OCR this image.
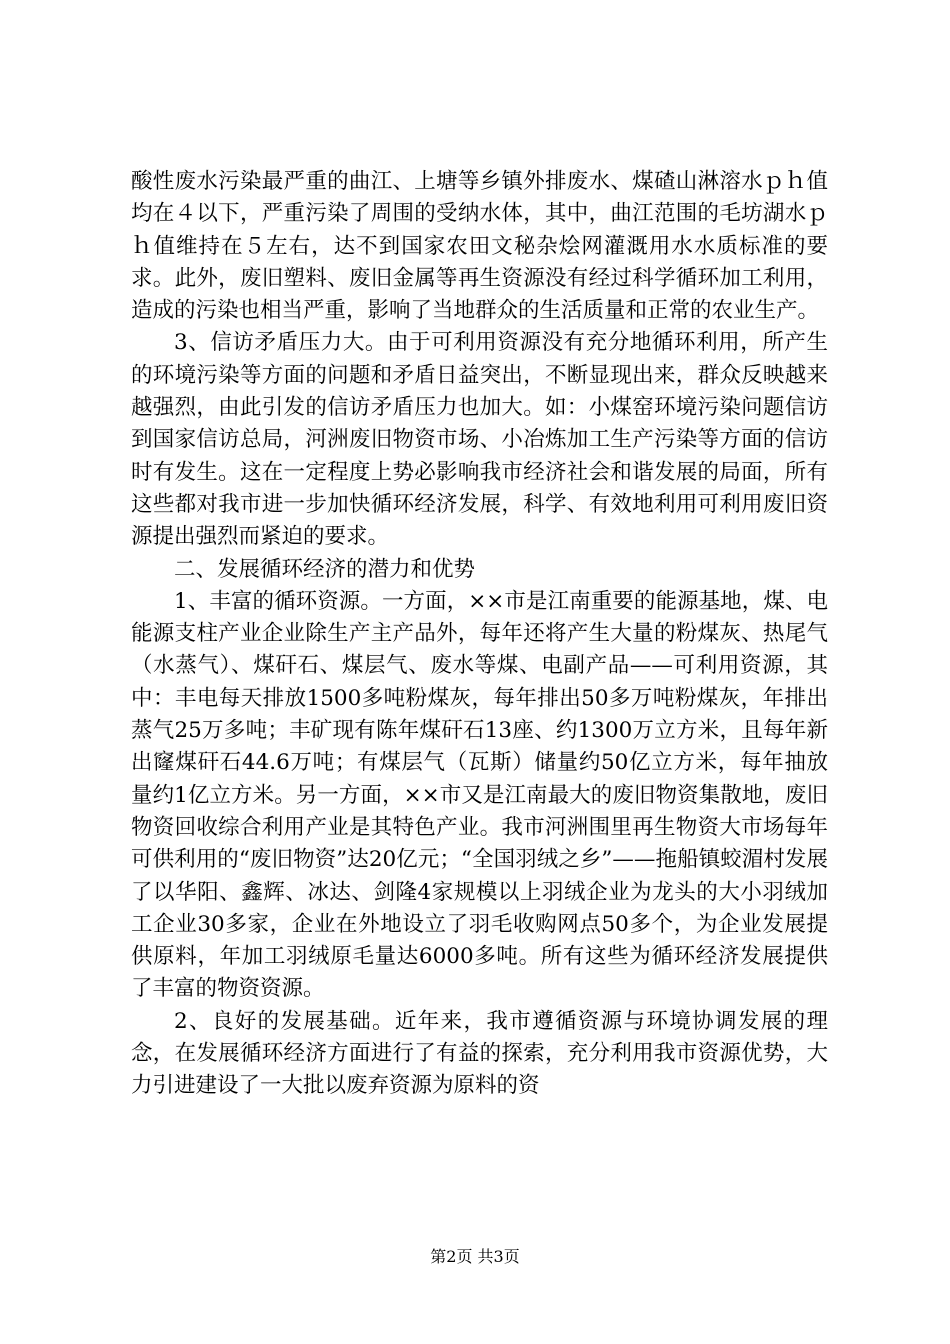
酸性废水污染最严重的曲江、上塘等乡镇外排废水、煤碴山淋溶水ｐｈ值均在４以下，严重污染了周围的受纳水体，其中，曲江范围的毛坊湖水ｐｈ值维持在５左右，达不到国家农田文秘杂烩网灌溉用水水质标准的要求。此外，废旧塑料、废旧金属等再生资源没有经过科学循环加工利用，造成的污染也相当严重，影响了当地群众的生活质量和正常的农业生产。

3、信访矛盾压力大。由于可利用资源没有充分地循环利用，所产生的环境污染等方面的问题和矛盾日益突出，不断显现出来，群众反映越来越强烈，由此引发的信访矛盾压力也加大。如：小煤窑环境污染问题信访到国家信访总局，河洲废旧物资市场、小冶炼加工生产污染等方面的信访时有发生。这在一定程度上势必影响我市经济社会和谐发展的局面，所有这些都对我市进一步加快循环经济发展，科学、有效地利用可利用废旧资源提出强烈而紧迫的要求。

二、发展循环经济的潜力和优势

1、丰富的循环资源。一方面，××市是江南重要的能源基地，煤、电能源支柱产业企业除生产主产品外，每年还将产生大量的粉煤灰、热尾气（水蒸气）、煤矸石、煤层气、废水等煤、电副产品——可利用资源，其中：丰电每天排放1500多吨粉煤灰，每年排出50多万吨粉煤灰，年排出蒸气25万多吨；丰矿现有陈年煤矸石13座、约1300万立方米，且每年新出窿煤矸石44.6万吨；有煤层气（瓦斯）储量约50亿立方米，每年抽放量约1亿立方米。另一方面，××市又是江南最大的废旧物资集散地，废旧物资回收综合利用产业是其特色产业。我市河洲围里再生物资大市场每年可供利用的“废旧物资”达20亿元；“全国羽绒之乡”——拖船镇蛟湄村发展了以华阳、鑫辉、冰达、剑隆4家规模以上羽绒企业为龙头的大小羽绒加工企业30多家，企业在外地设立了羽毛收购网点50多个，为企业发展提供原料，年加工羽绒原毛量达6000多吨。所有这些为循环经济发展提供了丰富的物资资源。

2、良好的发展基础。近年来，我市遵循资源与环境协调发展的理念，在发展循环经济方面进行了有益的探索，充分利用我市资源优势，大力引进建设了一大批以废弃资源为原料的资

第2页 共3页
